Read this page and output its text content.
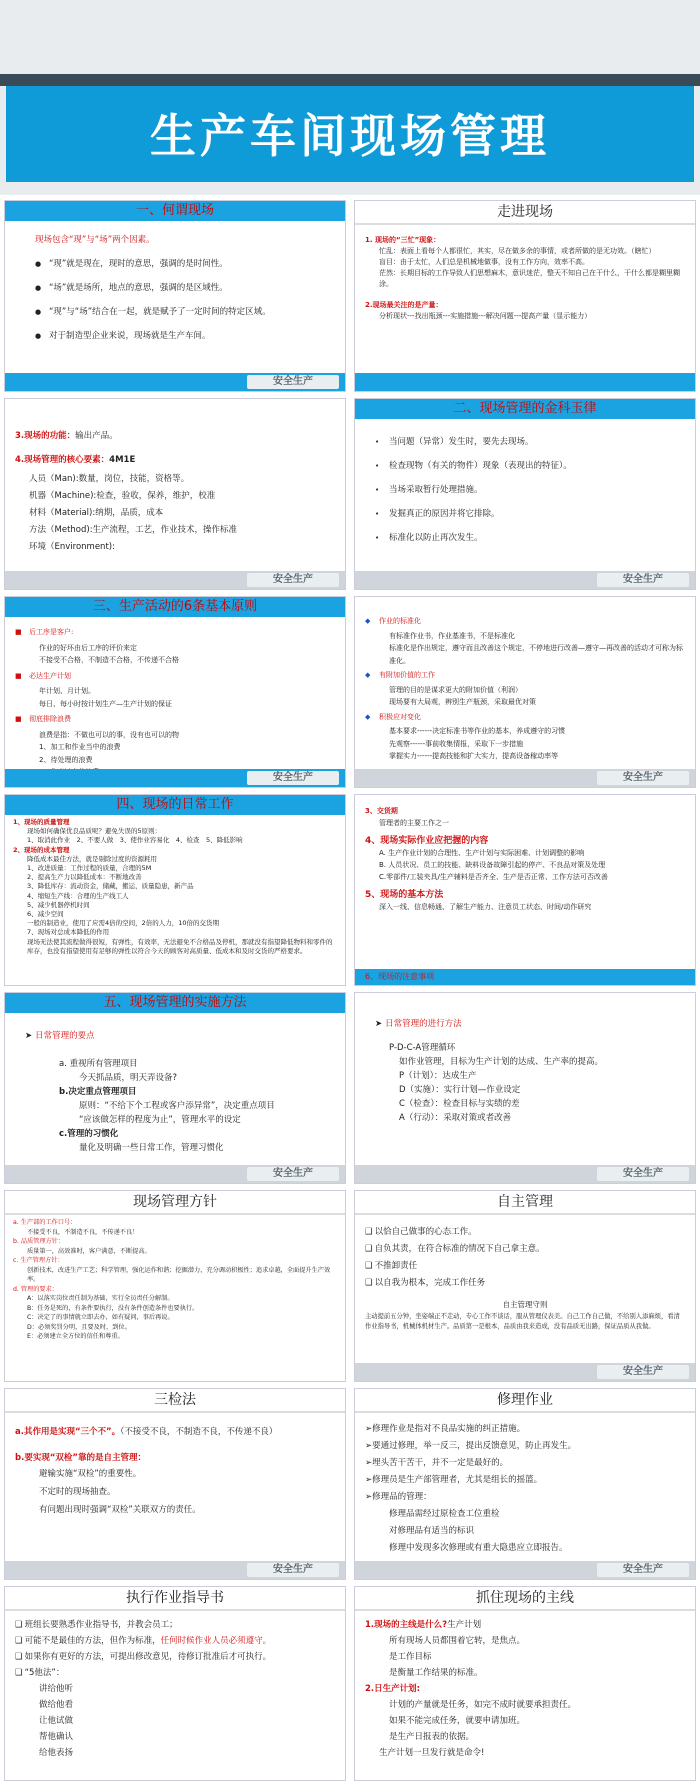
生产车间现场管理
一、何谓现场
现场包含“现”与“场”两个因素。
● “现”就是现在，现时的意思，强调的是时间性。
● “场”就是场所，地点的意思，强调的是区域性。
● “现”与“场”结合在一起，就是赋予了一定时间的特定区域。
● 对于制造型企业来说，现场就是生产车间。
安全生产
走进现场
1. 现场的“三忙”现象：
忙乱：表面上看每个人都很忙，其实，尽在做多余的事情，或者所做的是无功效。（瞎忙）
盲目：由于太忙，人们总是机械地做事，没有工作方向，效率不高。
茫然：长期目标的工作导致人们思想麻木，意识迷茫，整天不知自己在干什么，干什么都是糊里糊涂。
2.现场最关注的是产量：
分析现状---找出瓶颈---实施措施---解决问题---提高产量（显示能力）
3.现场的功能：输出产品。
4.现场管理的核心要素：4M1E
人员（Man):数量，岗位，技能，资格等。
机器（Machine):检查，验收，保养，维护，校准
材料（Material):纳期，品质，成本
方法（Method):生产流程，工艺，作业技术，操作标准
环境（Environment):
安全生产
二、现场管理的金科玉律
• 当问题（异常）发生时，要先去现场。
• 检查现物（有关的物件）现象（表现出的特征）。
• 当场采取暂行处理措施。
• 发掘真正的原因并将它排除。
• 标准化以防止再次发生。
安全生产
三、生产活动的6条基本原则
■ 后工序是客户:
作业的好坏由后工序的评价来定
不接受不合格，不制造不合格，不传递不合格
■ 必达生产计划
年计划、月计划。
每日、每小时按计划生产—生产计划的保证
■ 彻底排除浪费
浪费是指：不做也可以的事，没有也可以的物
1、加工和作业当中的浪费
2、待处理的浪费
安全生产
◆ 作业的标准化
有标准作业书，作业基准书，不是标准化
标准化是作出规定，遵守而且改善这个规定，不停地进行改善—遵守—再改善的活动才可称为标准化。
◆ 有附加价值的工作
管理的目的是谋求更大的附加价值（利润）
现场要有大局观，辨别生产瓶颈，采取最优对策
◆ 积极应对变化
基本要求------决定标准书等作业的基本，养成遵守的习惯
先观察------事前收集情报，采取下一步措施
掌握实力------提高技能和扩大实力，提高设备稼动率等
安全生产
四、现场的日常工作
1、现场的质量管理
现场如何确保优良品质呢？避免失误的5原则：
1、取消此作业　2、不要人做　3、使作业容易化　4、检查　5、降低影响
2、现场的成本管理
降低成本最佳方法，就是剔除过度的资源耗用
1、改进质量：工作过程的质量，合理的5M
2、提高生产力以降低成本：不断地改善
3、降低库存：流动资金，储藏，搬运，质量隐患，新产品
4、缩短生产线：合理的生产线工人
5、减少机器停机时间
6、减少空间
一般的制造业，使用了应需4倍的空间，2倍的人力，10倍的交货期
7、现场对总成本降低的作用
现场无法使其流程做得很短，有弹性，有效率，无法避免不合格品及停机，那就没有指望降低物料和零件的库存，也没有指望使用有足够的弹性以符合今天的顾客对高质量、低成本和及时交货的严格要求。
3、交货期
管理者的主要工作之一
4、现场实际作业应把握的内容
A. 生产作业计划的合理性、生产计划与实际困难、计划调整的影响
B. 人员状况、员工的技能、缺料设备故障引起的停产、不良品对策及处理
C.零部件/工装夹具/生产辅料是否齐全、生产是否正常、工作方法可否改善
5、现场的基本方法
深入一线、信息畅通、了解生产能力、注意员工状态、时间/动作研究
6、现场的注意事项
五、现场管理的实施方法
➤ 日常管理的要点
a. 重视所有管理项目
今天抓品质，明天弄设备?
b.决定重点管理项目
原则：“不给下个工程或客户添异常”，决定重点项目
“应该做怎样的程度为止”，管理水平的设定
c.管理的习惯化
量化及明确一些日常工作，管理习惯化
安全生产
➤ 日常管理的进行方法
P-D-C-A管理循环
如作业管理，目标为生产计划的达成、生产率的提高。
P（计划）：达成生产
D（实施）：实行计划—作业设定
C（检查）：检查目标与实绩的差
A（行动）：采取对策或者改善
安全生产
现场管理方针
a. 生产部的工作口号：
不接受不良，不制造不良，不传递不良！
b. 品质管理方针：
质量第一，高效准时，客户满意，不断提高。
c. 生产管理方针：
创新技术，改进生产工艺；科学管理，强化运作和谐；挖掘潜力，充分调动积极性；追求卓越，全面提升生产效率。
d. 管理的要求：
A：以落实岗位责任制为基础，实行全员责任分解制。
B：任务是死的，有条件要执行，没有条件创造条件也要执行。
C：决定了的事情就立即去办，如有疑问，事后再说。
D：必须奖罚分明，且要及时，到位。
E：必须建立全方位的信任和尊重。
自主管理
❑ 以恰自己做事的心态工作。
❑ 自负其责，在符合标准的情况下自己拿主意。
❑ 不推卸责任
❑ 以自我为根本，完成工作任务
自主管理守则
主动提前五分钟，坐姿端正不走动，专心工作不谈话，服从管理仪表美。自己工作自己做，不给别人添麻烦，看清作业指导书，机械体机材生产。品质第一是根本，品质由我来造成，没有品质无出路，保证品质从我做。
安全生产
三检法
a.其作用是实现“三个不”。（不接受不良，不制造不良，不传递不良）
b.要实现“双检”靠的是自主管理：
避输实施“双检”的重要性。
不定时的现场抽查。
有问题出现时强调“双检”关联双方的责任。
安全生产
修理作业
➢修理作业是指对不良品实施的纠正措施。
➢要通过修理，举一反三，提出反馈意见，防止再发生。
➢埋头苦干苦干，并不一定是最好的。
➢修理员是生产部管理者，尤其是组长的摇篮。
➢修理品的管理：
修理品需经过原检查工位重检
对修理品有适当的标识
修理中发现多次修理或有重大隐患应立即报告。
安全生产
执行作业指导书
❑ 班组长要熟悉作业指导书，并教会员工；
❑ 可能不是最佳的方法，但作为标准，任何时候作业人员必须遵守。
❑ 如果你有更好的方法，可提出修改意见，待修订批准后才可执行。
❑ “5他法”：
讲给他听
做给他看
让他试做
帮他确认
给他表扬
抓住现场的主线
1.现场的主线是什么?生产计划
所有现场人员都围着它转，是焦点。
是工作目标
是衡量工作结果的标准。
2.日生产计划:
计划的产量就是任务，如完不成时就要承担责任。
如果不能完成任务，就要申请加班。
是生产日报表的依据。
生产计划一旦发行就是命令!
